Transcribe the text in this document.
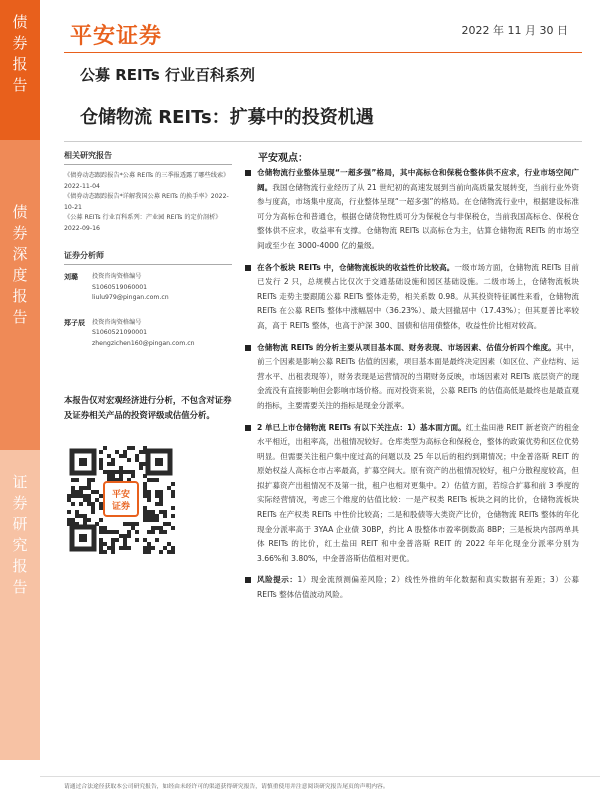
债
券
报
告
债
券
深
度
报
告
证
券
研
究
报
告
平安证券	2022 年 11 月 30 日
公募 REITs 行业百科系列
仓储物流 REITs：扩募中的投资机遇
相关研究报告

《债券动态跟踪报告*公募 REITs 的三季报透露了哪些线索》2022-11-04

《债券动态跟踪报告*详解我国公募 REITs 的换手率》2022-10-21

《公募 REITs 行业百科系列：产业园 REITs 的定价剖析》2022-09-16

证券分析师
刘璐 投资咨询资格编号
S1060519060001
liulu979@pingan.com.cn
郑子辰 投资咨询资格编号
S1060521090001
zhengzichen160@pingan.com.cn
本报告仅对宏观经济进行分析，不包含对证券及证券相关产品的投资评级或估值分析。
平安
证券
平安观点：
仓储物流行业整体呈现“一超多强”格局，其中高标仓和保税仓整体供不应求，行业市场空间广阔。我国仓储物流行业经历了从 21 世纪初的高速发展到当前向高质量发展转变，当前行业外资参与度高，市场集中度高，行业整体呈现“一超多强”的格局。在仓储物流行业中，根据建设标准可分为高标仓和普通仓，根据仓储货物性质可分为保税仓与非保税仓，当前我国高标仓、保税仓整体供不应求，收益率有支撑。仓储物流 REITs 以高标仓为主，估算仓储物流 REITs 的市场空间或至少在 3000-4000 亿的量级。
在各个板块 REITs 中，仓储物流板块的收益性价比较高。一级市场方面，仓储物流 REITs 目前已发行 2 只，总规模占比仅次于交通基础设施和园区基础设施。二级市场上，仓储物流板块 REITs 走势主要跟随公募 REITs 整体走势，相关系数 0.98。从其投资特征属性来看，仓储物流 REITs 在公募 REITs 整体中涨幅居中（36.23%）、最大回撤居中（17.43%）；但其夏普比率较高，高于 REITs 整体，也高于沪深 300、国债和信用债整体，收益性价比相对较高。
仓储物流 REITs 的分析主要从项目基本面、财务表现、市场因素、估值分析四个维度。其中，前三个因素是影响公募 REITs 估值的因素，项目基本面是最终决定因素（如区位、产业结构、运营水平、出租表现等），财务表现是运营情况的当期财务反映，市场因素对 REITs 底层资产的现金流没有直接影响但会影响市场价格。而对投资来说，公募 REITs 的估值高低是最终也是最直观的指标，主要需要关注的指标是现金分派率。
2 单已上市仓储物流 REITs 有以下关注点：1）基本面方面。红土盐田港 REIT 新老资产的租金水平相近，出租率高，出租情况较好。仓库类型为高标仓和保税仓，整体的政策优势和区位优势明显。但需要关注租户集中度过高的问题以及 25 年以后的租约到期情况；中金普洛斯 REIT 的原始权益人高标仓市占率最高，扩募空间大。原有资产的出租情况较好，租户分散程度较高，但拟扩募资产出租情况不及第一批，租户也相对更集中。2）估值方面，若综合扩募和前 3 季度的实际经营情况，考虑三个维度的估值比较：一是产权类 REITs 板块之间的比价，仓储物流板块 REITs 在产权类 REITs 中性价比较高；二是和股债等大类资产比价，仓储物流 REITs 整体的年化现金分派率高于 3YAA 企业债 30BP，约比 A 股整体市盈率倒数高 8BP；三是板块内部两单具体 REITs 的比价，红土盐田 REIT 和中金普洛斯 REIT 的 2022 年年化现金分派率分别为 3.66%和 3.80%，中金普洛斯估值相对更优。
风险提示：1）现金流预测偏差风险；2）线性外推的年化数据和真实数据有差距；3）公募 REITs 整体估值波动风险。
请通过合法途径获取本公司研究报告，如经由未经许可的渠道获得研究报告，请慎重使用并注意阅读研究报告尾页的声明内容。
